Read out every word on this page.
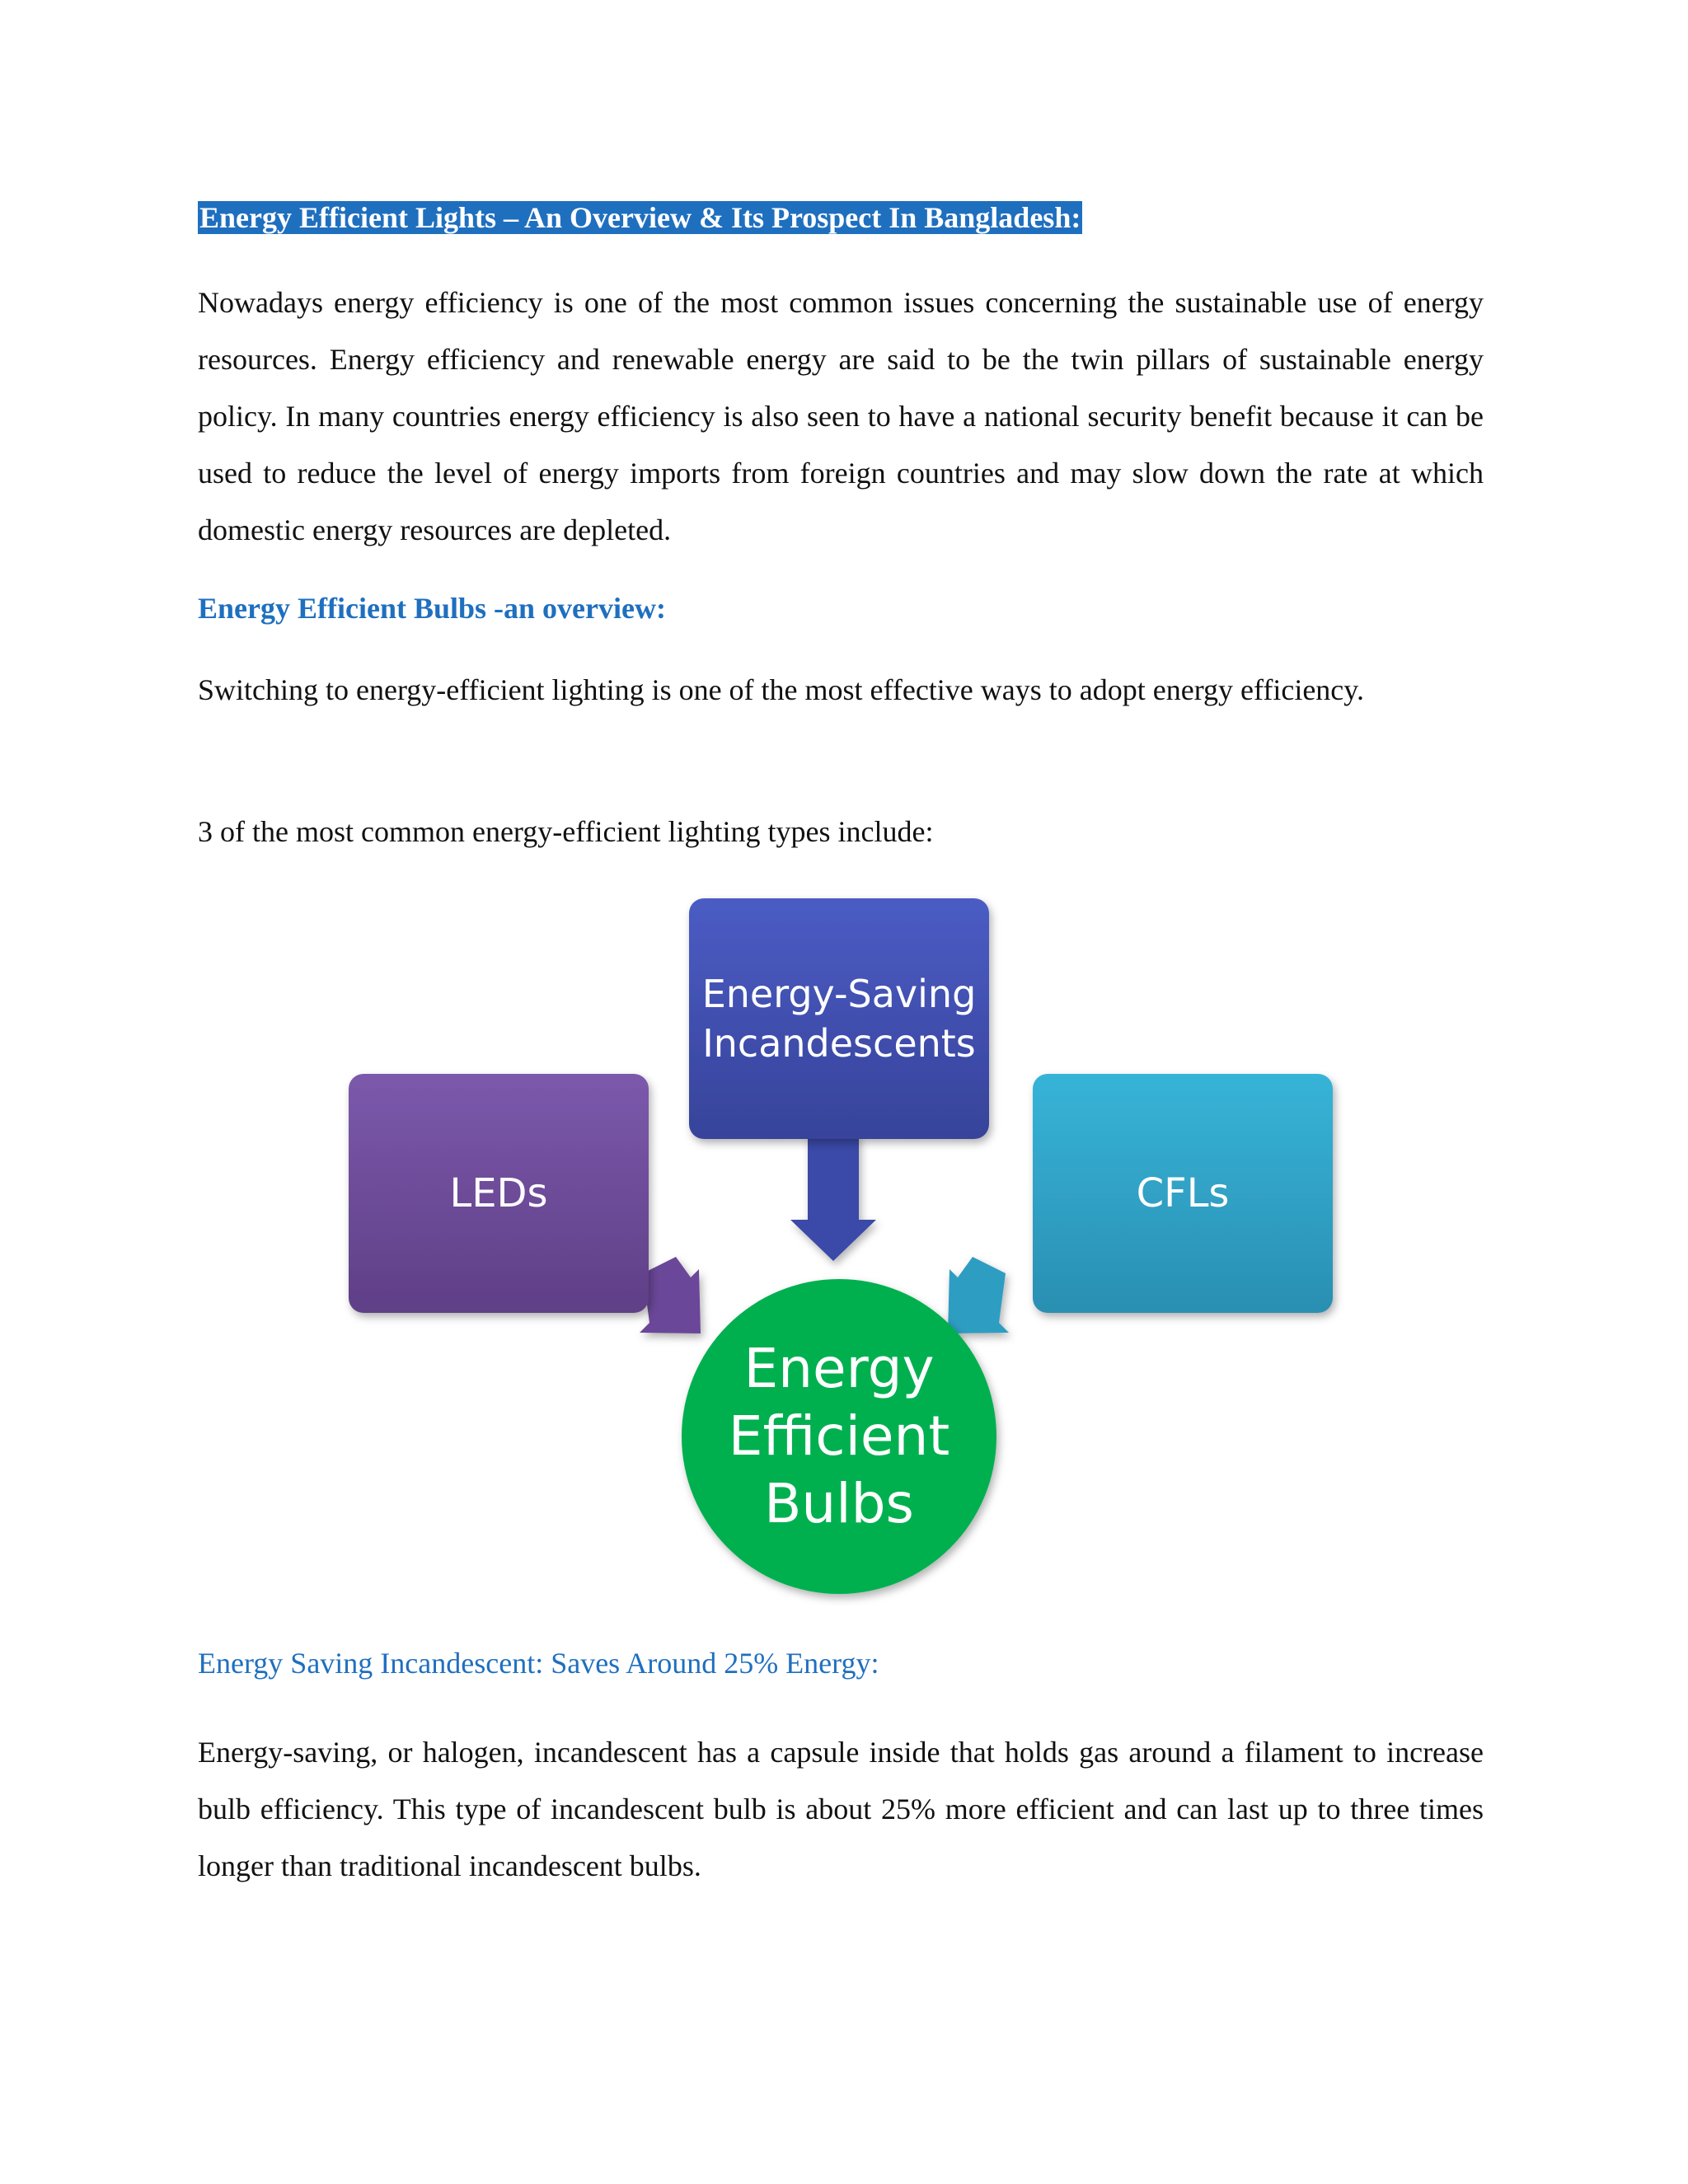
Energy Efficient Lights – An Overview & Its Prospect In Bangladesh:

Nowadays energy efficiency is one of the most common issues concerning the sustainable use of energy resources. Energy efficiency and renewable energy are said to be the twin pillars of sustainable energy policy. In many countries energy efficiency is also seen to have a national security benefit because it can be used to reduce the level of energy imports from foreign countries and may slow down the rate at which domestic energy resources are depleted.

Energy Efficient Bulbs -an overview:

Switching to energy-efficient lighting is one of the most effective ways to adopt energy efficiency.

3 of the most common energy-efficient lighting types include:

Energy Saving Incandescent: Saves Around 25% Energy:

Energy-saving, or halogen, incandescent has a capsule inside that holds gas around a filament to increase bulb efficiency. This type of incandescent bulb is about 25% more efficient and can last up to three times longer than traditional incandescent bulbs.

Energy-Saving
Incandescents
LEDs	CFLs
Energy
Efficient
Bulbs
